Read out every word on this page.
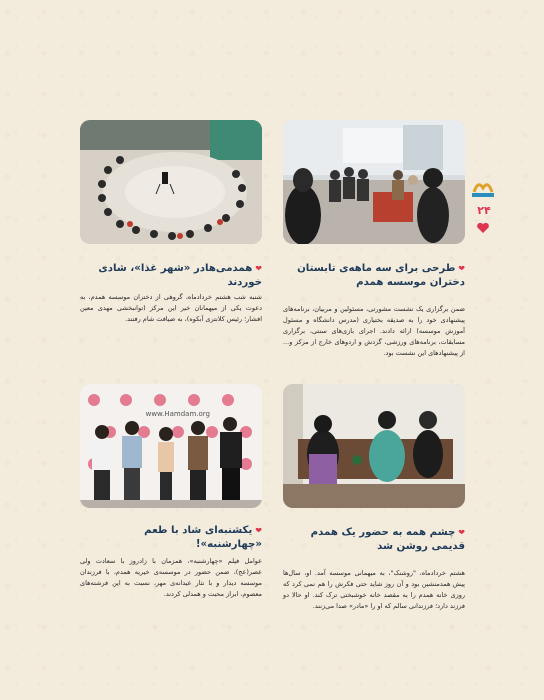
www.Hamdam.org
۲۴
❤طرحی برای سه ماهه‌ی تابستان دختران موسسه همدم
ضمن برگزاری یک نشست مشورتی، مسئولین و مربیان، برنامه‌های پیشنهادی خود را به صدیقه بختیاری (مدرس دانشگاه و مسئول آموزش موسسه) ارائه دادند. اجرای بازی‌های سنتی، برگزاری مسابقات، برنامه‌های ورزشی، گردش و اردوهای خارج از مرکز و... از پیشنهادهای این نشست بود.
❤همدمی‌هادر «شهر غذا»، شادی خوردند
شنبه شب هشتم خردادماه، گروهی از دختران موسسه همدم، به دعوت یکی از میهمانان خیر این مرکز (توانبخشی مهدی معین افشار؛ رئیس کلانتری آبکوه)، به ضیافت شام رفتند.
❤چشم همه به حضور یک همدم قدیمی روشن شد
هشتم خردادماه، "روشنک"، به میهمانی موسسه آمد. او، سال‌ها پیش همدمنشین بود و آن روز شاید حتی فکرش را هم نمی کرد که روزی خانه همدم را به مقصد خانه خوشبختی ترک کند. او حالا دو فرزند دارد؛ فرزندانی سالم که او را «مادر» صدا می‌زنند.
❤یکشنبه‌ای شاد با طعم «چهارشنبه»!
عوامل فیلم «چهارشنبه»، همزمان با زادروز با سعادت ولی عصر(عج)، ضمن حضور در موسسه‌ی خیریه همدم، با فرزندان موسسه دیدار و با نثار عیدانه‌ی مهر، نسبت به این فرشته‌های معصوم، ابراز محبت و همدلی کردند.
